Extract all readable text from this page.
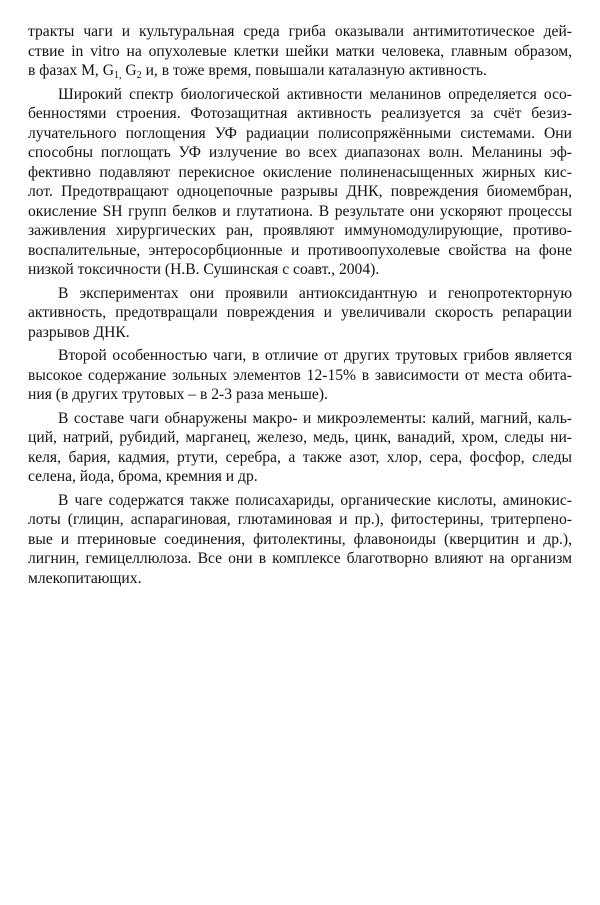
тракты чаги и культуральная среда гриба оказывали антимитотическое дей-
ствие in vitro на опухолевые клетки шейки матки человека, главным образом,
в фазах М, $G_{1,}$ $G_2$ и, в тоже время, повышали каталазную активность.
Широкий спектр биологической активности меланинов определяется осо-
бенностями строения. Фотозащитная активность реализуется за счёт безиз-
лучательного поглощения УФ радиации полисопряжёнными системами. Они
способны поглощать УФ излучение во всех диапазонах волн. Меланины эф-
фективно подавляют перекисное окисление полиненасыщенных жирных кис-
лот. Предотвращают одноцепочные разрывы ДНК, повреждения биомембран,
окисление SH групп белков и глутатиона. В результате они ускоряют процессы
заживления хирургических ран, проявляют иммуномодулирующие, противо-
воспалительные, энтеросорбционные и противоопухолевые свойства на фоне
низкой токсичности (Н.В. Сушинская с соавт., 2004).
В экспериментах они проявили антиоксидантную и генопротекторную
активность, предотвращали повреждения и увеличивали скорость репарации
разрывов ДНК.
Второй особенностью чаги, в отличие от других трутовых грибов является
высокое содержание зольных элементов 12-15% в зависимости от места обита-
ния (в других трутовых – в 2-3 раза меньше).
В составе чаги обнаружены макро- и микроэлементы: калий, магний, каль-
ций, натрий, рубидий, марганец, железо, медь, цинк, ванадий, хром, следы ни-
келя, бария, кадмия, ртути, серебра, а также азот, хлор, сера, фосфор, следы
селена, йода, брома, кремния и др.
В чаге содержатся также полисахариды, органические кислоты, аминокис-
лоты (глицин, аспарагиновая, глютаминовая и пр.), фитостерины, тритерпено-
вые и птериновые соединения, фитолектины, флавоноиды (кверцитин и др.),
лигнин, гемицеллюлоза. Все они в комплексе благотворно влияют на организм
млекопитающих.
